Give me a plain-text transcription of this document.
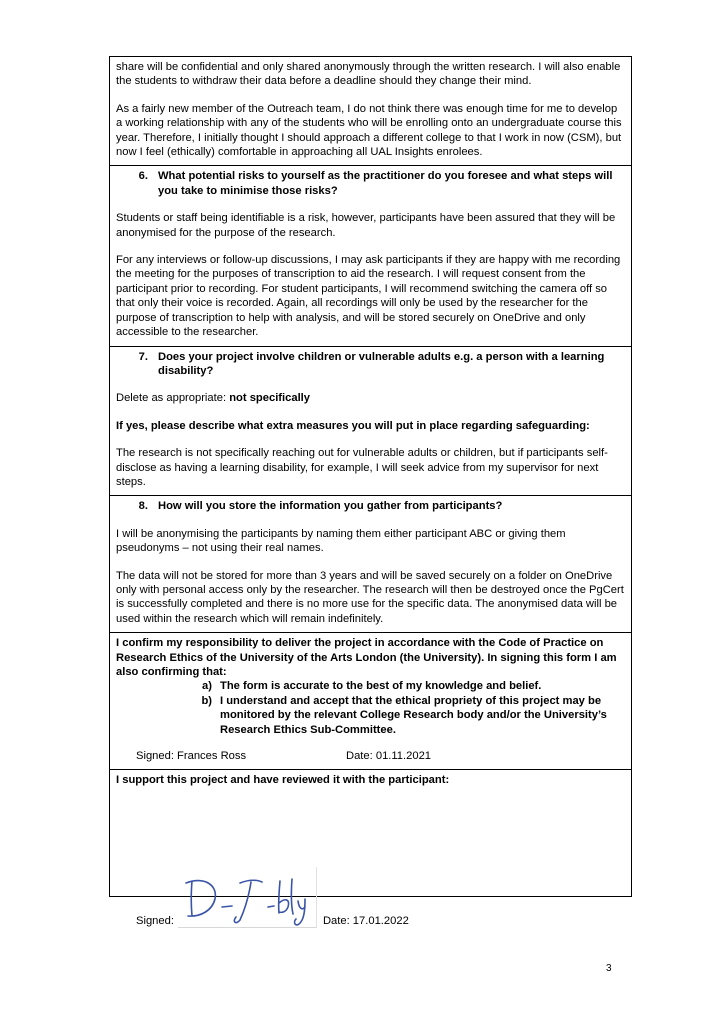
share will be confidential and only shared anonymously through the written research. I will also enable the students to withdraw their data before a deadline should they change their mind.

As a fairly new member of the Outreach team, I do not think there was enough time for me to develop a working relationship with any of the students who will be enrolling onto an undergraduate course this year. Therefore, I initially thought I should approach a different college to that I work in now (CSM), but now I feel (ethically) comfortable in approaching all UAL Insights enrolees.

6. What potential risks to yourself as the practitioner do you foresee and what steps will you take to minimise those risks?

Students or staff being identifiable is a risk, however, participants have been assured that they will be anonymised for the purpose of the research.

For any interviews or follow-up discussions, I may ask participants if they are happy with me recording the meeting for the purposes of transcription to aid the research. I will request consent from the participant prior to recording. For student participants, I will recommend switching the camera off so that only their voice is recorded. Again, all recordings will only be used by the researcher for the purpose of transcription to help with analysis, and will be stored securely on OneDrive and only accessible to the researcher.

7. Does your project involve children or vulnerable adults e.g. a person with a learning disability?

Delete as appropriate: not specifically

If yes, please describe what extra measures you will put in place regarding safeguarding:

The research is not specifically reaching out for vulnerable adults or children, but if participants self-disclose as having a learning disability, for example, I will seek advice from my supervisor for next steps.

8. How will you store the information you gather from participants?

I will be anonymising the participants by naming them either participant ABC or giving them pseudonyms – not using their real names.

The data will not be stored for more than 3 years and will be saved securely on a folder on OneDrive only with personal access only by the researcher. The research will then be destroyed once the PgCert is successfully completed and there is no more use for the specific data. The anonymised data will be used within the research which will remain indefinitely.

I confirm my responsibility to deliver the project in accordance with the Code of Practice on Research Ethics of the University of the Arts London (the University). In signing this form I am also confirming that:

a) The form is accurate to the best of my knowledge and belief.
b) I understand and accept that the ethical propriety of this project may be monitored by the relevant College Research body and/or the University’s Research Ethics Sub-Committee.
Signed: Frances Ross	Date: 01.11.2021
I support this project and have reviewed it with the participant:
Signed:	Date: 17.01.2022
3
